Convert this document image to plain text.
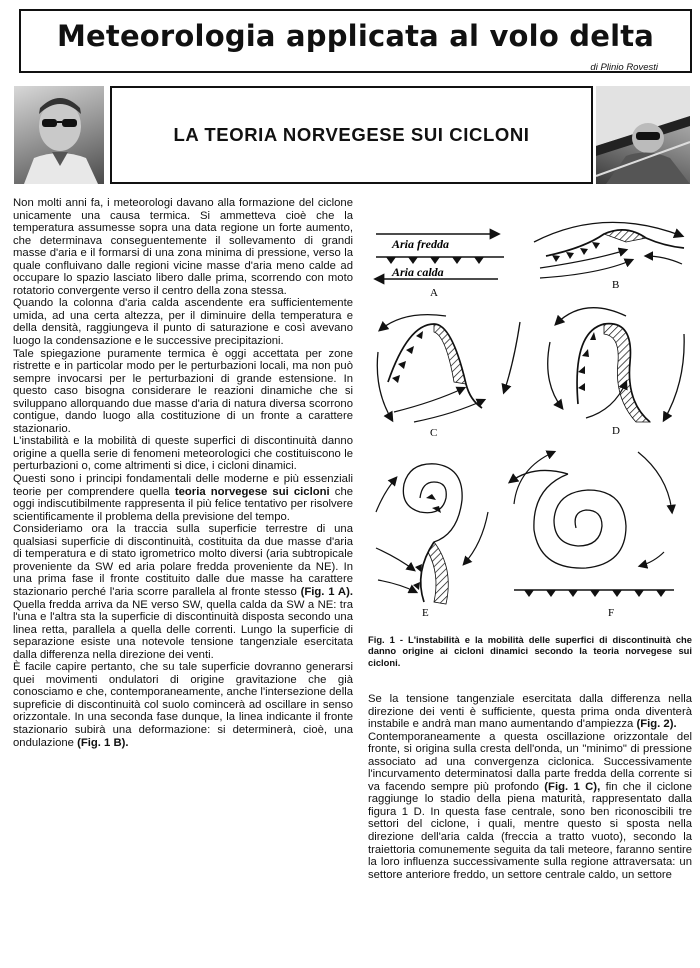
Meteorologia applicata al volo delta
di Plinio Rovesti
LA TEORIA NORVEGESE SUI CICLONI

Non molti anni fa, i meteorologi davano alla formazione del ciclone unicamente una causa termica. Si ammetteva cioè che la temperatura assumesse sopra una data regione un forte aumento, che determinava conseguentemente il sollevamento di grandi masse d'aria e il formarsi di una zona minima di pressione, verso la quale confluivano dalle regioni vicine masse d'aria meno calde ad occupare lo spazio lasciato libero dalle prima, scorrendo con moto rotatorio convergente verso il centro della zona stessa.

Quando la colonna d'aria calda ascendente era sufficientemente umida, ad una certa altezza, per il diminuire della temperatura e della densità, raggiungeva il punto di saturazione e così avevano luogo la condensazione e le successive precipitazioni.

Tale spiegazione puramente termica è oggi accettata per zone ristrette e in particolar modo per le perturbazioni locali, ma non può sempre invocarsi per le perturbazioni di grande estensione. In questo caso bisogna considerare le reazioni dinamiche che si sviluppano allorquando due masse d'aria di natura diversa scorrono contigue, dando luogo alla costituzione di un fronte a carattere stazionario.

L'instabilità e la mobilità di queste superfici di discontinuità danno origine a quella serie di fenomeni meteorologici che costituiscono le perturbazioni o, come altrimenti si dice, i cicloni dinamici.

Questi sono i principi fondamentali delle moderne e più essenziali teorie per comprendere quella teoria norvegese sui cicloni che oggi indiscutibilmente rappresenta il più felice tentativo per risolvere scientificamente il problema della previsione del tempo.

Consideriamo ora la traccia sulla superficie terrestre di una qualsiasi superficie di discontinuità, costituita da due masse d'aria di temperatura e di stato igrometrico molto diversi (aria subtropicale proveniente da SW ed aria polare fredda proveniente da NE). In una prima fase il fronte costituito dalle due masse ha carattere stazionario perché l'aria scorre parallela al fronte stesso (Fig. 1 A). Quella fredda arriva da NE verso SW, quella calda da SW a NE: tra l'una e l'altra sta la superficie di discontinuità disposta secondo una linea retta, parallela a quella delle correnti. Lungo la superficie di separazione esiste una notevole tensione tangenziale esercitata dalla differenza nella direzione dei venti.

È facile capire pertanto, che su tale superficie dovranno generarsi quei movimenti ondulatori di origine gravitazione che già conosciamo e che, contemporaneamente, anche l'intersezione della supreficie di discontinuità col suolo comincerà ad oscillare in senso orizzontale. In una seconda fase dunque, la linea indicante il fronte stazionario subirà una deformazione: si determinerà, cioè, una ondulazione (Fig. 1 B).

Aria fredda
Aria calda
A
B
C	D
E	F
Fig. 1 - L'instabilità e la mobilità delle superfici di discontinuità che danno origine ai cicloni dinamici secondo la teoria norvegese sui cicloni.

Se la tensione tangenziale esercitata dalla differenza nella direzione dei venti è sufficiente, questa prima onda diventerà instabile e andrà man mano aumentando d'ampiezza (Fig. 2).

Contemporaneamente a questa oscillazione orizzontale del fronte, si origina sulla cresta dell'onda, un "minimo" di pressione associato ad una convergenza ciclonica. Successivamente l'incurvamento determinatosi dalla parte fredda della corrente si va facendo sempre più profondo (Fig. 1 C), fin che il ciclone raggiunge lo stadio della piena maturità, rappresentato dalla figura 1 D. In questa fase centrale, sono ben riconoscibili tre settori del ciclone, i quali, mentre questo si sposta nella direzione dell'aria calda (freccia a tratto vuoto), secondo la traiettoria comunemente seguita da tali meteore, faranno sentire la loro influenza successivamente sulla regione attraversata: un settore anteriore freddo, un settore centrale caldo, un settore
